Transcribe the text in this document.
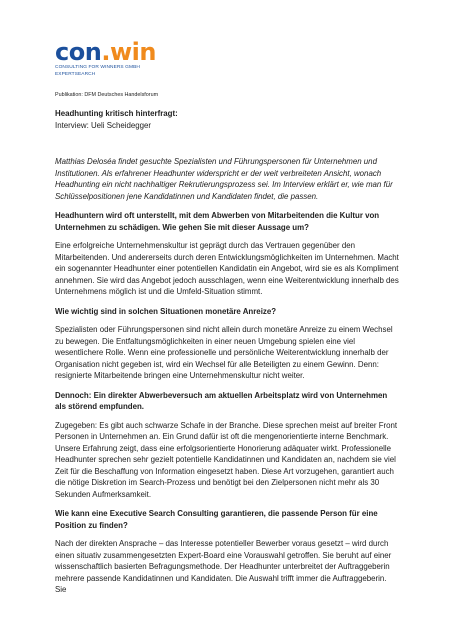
con.win
CONSULTING FOR WINNERS GMBH
EXPERTSEARCH

Publikation: DFM Deutsches Handelsforum

Headhunting kritisch hinterfragt:

Interview: Ueli Scheidegger

Matthias Deloséa findet gesuchte Spezialisten und Führungspersonen für Unternehmen und Institutionen. Als erfahrener Headhunter widerspricht er der weit verbreiteten Ansicht, wonach Headhunting ein nicht nachhaltiger Rekrutierungsprozess sei. Im Interview erklärt er, wie man für Schlüsselpositionen jene Kandidatinnen und Kandidaten findet, die passen.

Headhuntern wird oft unterstellt, mit dem Abwerben von Mitarbeitenden die Kultur von Unternehmen zu schädigen. Wie gehen Sie mit dieser Aussage um?

Eine erfolgreiche Unternehmenskultur ist geprägt durch das Vertrauen gegenüber den Mitarbeitenden. Und andererseits durch deren Entwicklungsmöglichkeiten im Unternehmen. Macht ein sogenannter Headhunter einer potentiellen Kandidatin ein Angebot, wird sie es als Kompliment annehmen. Sie wird das Angebot jedoch ausschlagen, wenn eine Weiterentwicklung innerhalb des Unternehmens möglich ist und die Umfeld-Situation stimmt.

Wie wichtig sind in solchen Situationen monetäre Anreize?

Spezialisten oder Führungspersonen sind nicht allein durch monetäre Anreize zu einem Wechsel zu bewegen. Die Entfaltungsmöglichkeiten in einer neuen Umgebung spielen eine viel wesentlichere Rolle. Wenn eine professionelle und persönliche Weiterentwicklung innerhalb der Organisation nicht gegeben ist, wird ein Wechsel für alle Beteiligten zu einem Gewinn. Denn: resignierte Mitarbeitende bringen eine Unternehmenskultur nicht weiter.

Dennoch: Ein direkter Abwerbeversuch am aktuellen Arbeitsplatz wird von Unternehmen als störend empfunden.

Zugegeben: Es gibt auch schwarze Schafe in der Branche. Diese sprechen meist auf breiter Front Personen in Unternehmen an. Ein Grund dafür ist oft die mengenorientierte interne Benchmark. Unsere Erfahrung zeigt, dass eine erfolgsorientierte Honorierung adäquater wirkt. Professionelle Headhunter sprechen sehr gezielt potentielle Kandidatinnen und Kandidaten an, nachdem sie viel Zeit für die Beschaffung von Information eingesetzt haben. Diese Art vorzugehen, garantiert auch die nötige Diskretion im Search-Prozess und benötigt bei den Zielpersonen nicht mehr als 30 Sekunden Aufmerksamkeit.

Wie kann eine Executive Search Consulting garantieren, die passende Person für eine Position zu finden?

Nach der direkten Ansprache – das Interesse potentieller Bewerber voraus gesetzt – wird durch einen situativ zusammengesetzten Expert-Board eine Vorauswahl getroffen. Sie beruht auf einer wissenschaftlich basierten Befragungsmethode. Der Headhunter unterbreitet der Auftraggeberin mehrere passende Kandidatinnen und Kandidaten. Die Auswahl trifft immer die Auftraggeberin. Sie
